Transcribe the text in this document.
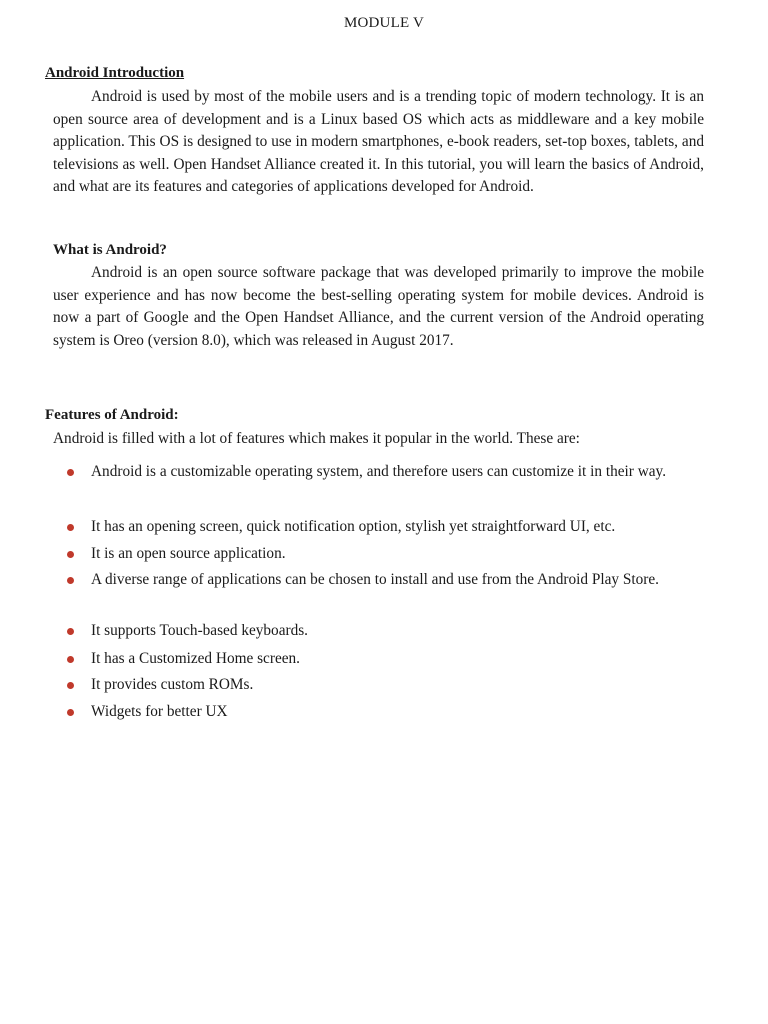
MODULE V
Android Introduction

Android is used by most of the mobile users and is a trending topic of modern technology. It is an open source area of development and is a Linux based OS which acts as middleware and a key mobile application. This OS is designed to use in modern smartphones, e-book readers, set-top boxes, tablets, and televisions as well. Open Handset Alliance created it. In this tutorial, you will learn the basics of Android, and what are its features and categories of applications developed for Android.

What is Android?

Android is an open source software package that was developed primarily to improve the mobile user experience and has now become the best-selling operating system for mobile devices. Android is now a part of Google and the Open Handset Alliance, and the current version of the Android operating system is Oreo (version 8.0), which was released in August 2017.

Features of Android:

Android is filled with a lot of features which makes it popular in the world. These are:

Android is a customizable operating system, and therefore users can customize it in their way.
It has an opening screen, quick notification option, stylish yet straightforward UI, etc.
It is an open source application.
A diverse range of applications can be chosen to install and use from the Android Play Store.
It supports Touch-based keyboards.
It has a Customized Home screen.
It provides custom ROMs.
Widgets for better UX
